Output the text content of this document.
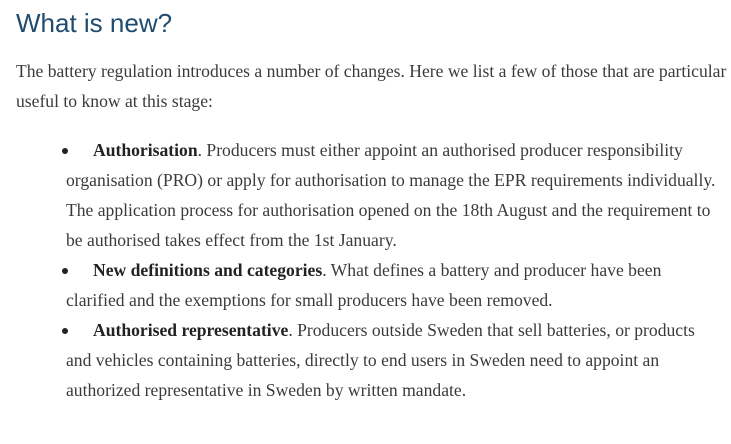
What is new?

The battery regulation introduces a number of changes. Here we list a few of those that are particular useful to know at this stage:

Authorisation. Producers must either appoint an authorised producer responsibility organisation (PRO) or apply for authorisation to manage the EPR requirements individually. The application process for authorisation opened on the 18th August and the requirement to be authorised takes effect from the 1st January.
New definitions and categories. What defines a battery and producer have been clarified and the exemptions for small producers have been removed.
Authorised representative. Producers outside Sweden that sell batteries, or products and vehicles containing batteries, directly to end users in Sweden need to appoint an authorized representative in Sweden by written mandate.
